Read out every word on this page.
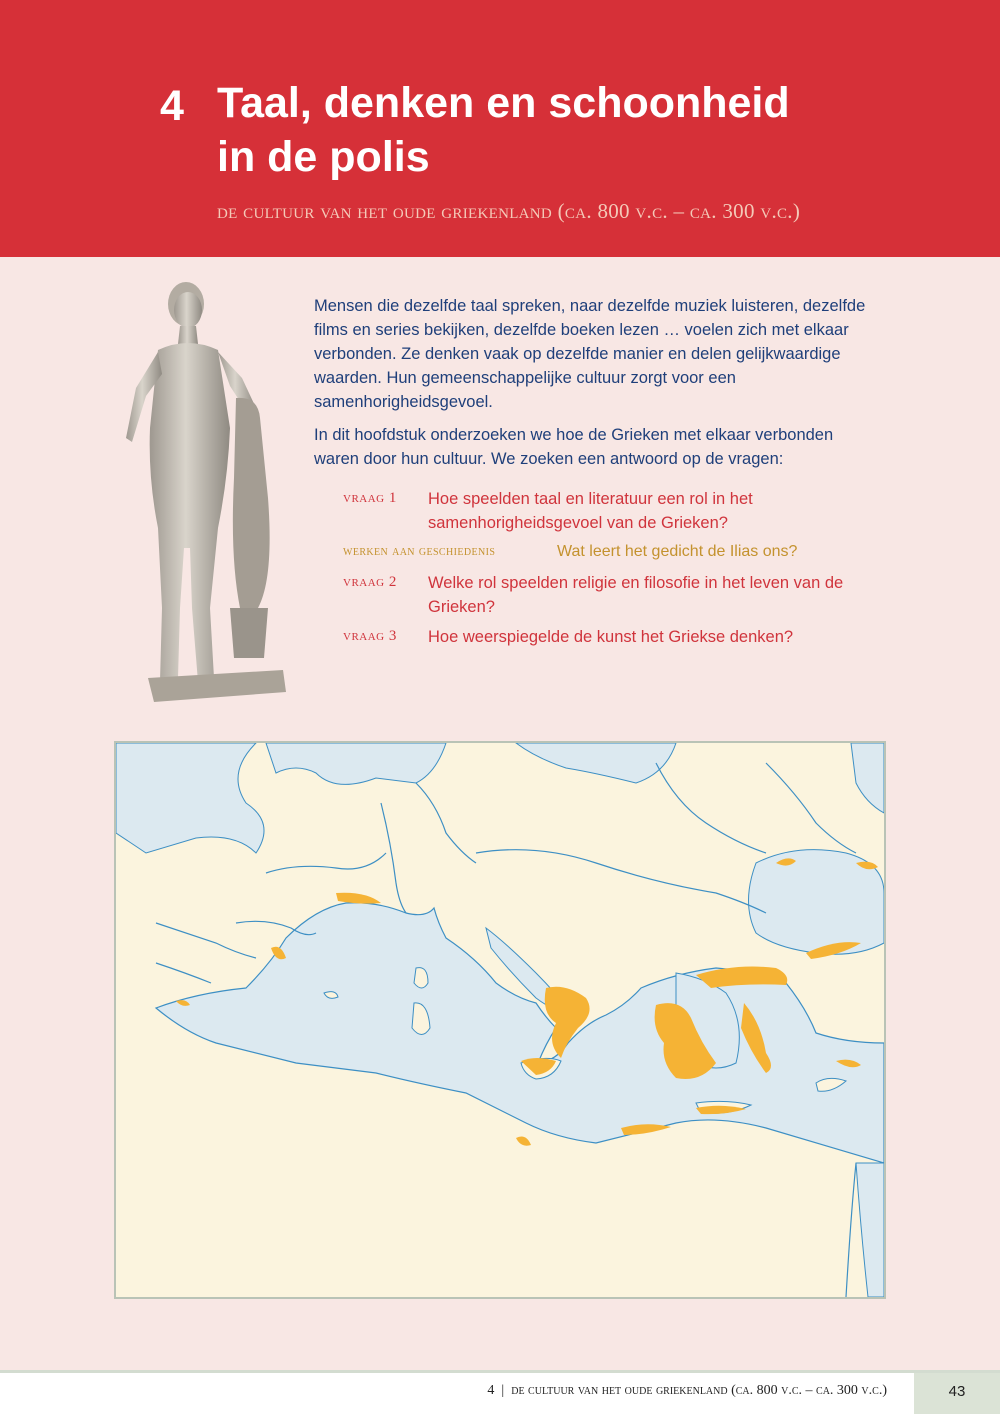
4 Taal, denken en schoonheid
in de polis
de cultuur van het oude griekenland (ca. 800 v.c. – ca. 300 v.c.)

Mensen die dezelfde taal spreken, naar dezelfde muziek luisteren, dezelfde films en series bekijken, dezelfde boeken lezen … voelen zich met elkaar verbonden. Ze denken vaak op dezelfde manier en delen gelijkwaardige waarden. Hun gemeenschappelijke cultuur zorgt voor een samenhorigheidsgevoel.

In dit hoofdstuk onderzoeken we hoe de Grieken met elkaar verbonden waren door hun cultuur. We zoeken een antwoord op de vragen:

vraag 1 Hoe speelden taal en literatuur een rol in het samenhorigheidsgevoel van de Grieken?
werken aan geschiedenis	Wat leert het gedicht de Ilias ons?
vraag 2 Welke rol speelden religie en filosofie in het leven van de Grieken?
vraag 3 Hoe weerspiegelde de kunst het Griekse denken?
4 | de cultuur van het oude griekenland (ca. 800 v.c. – ca. 300 v.c.)	43
